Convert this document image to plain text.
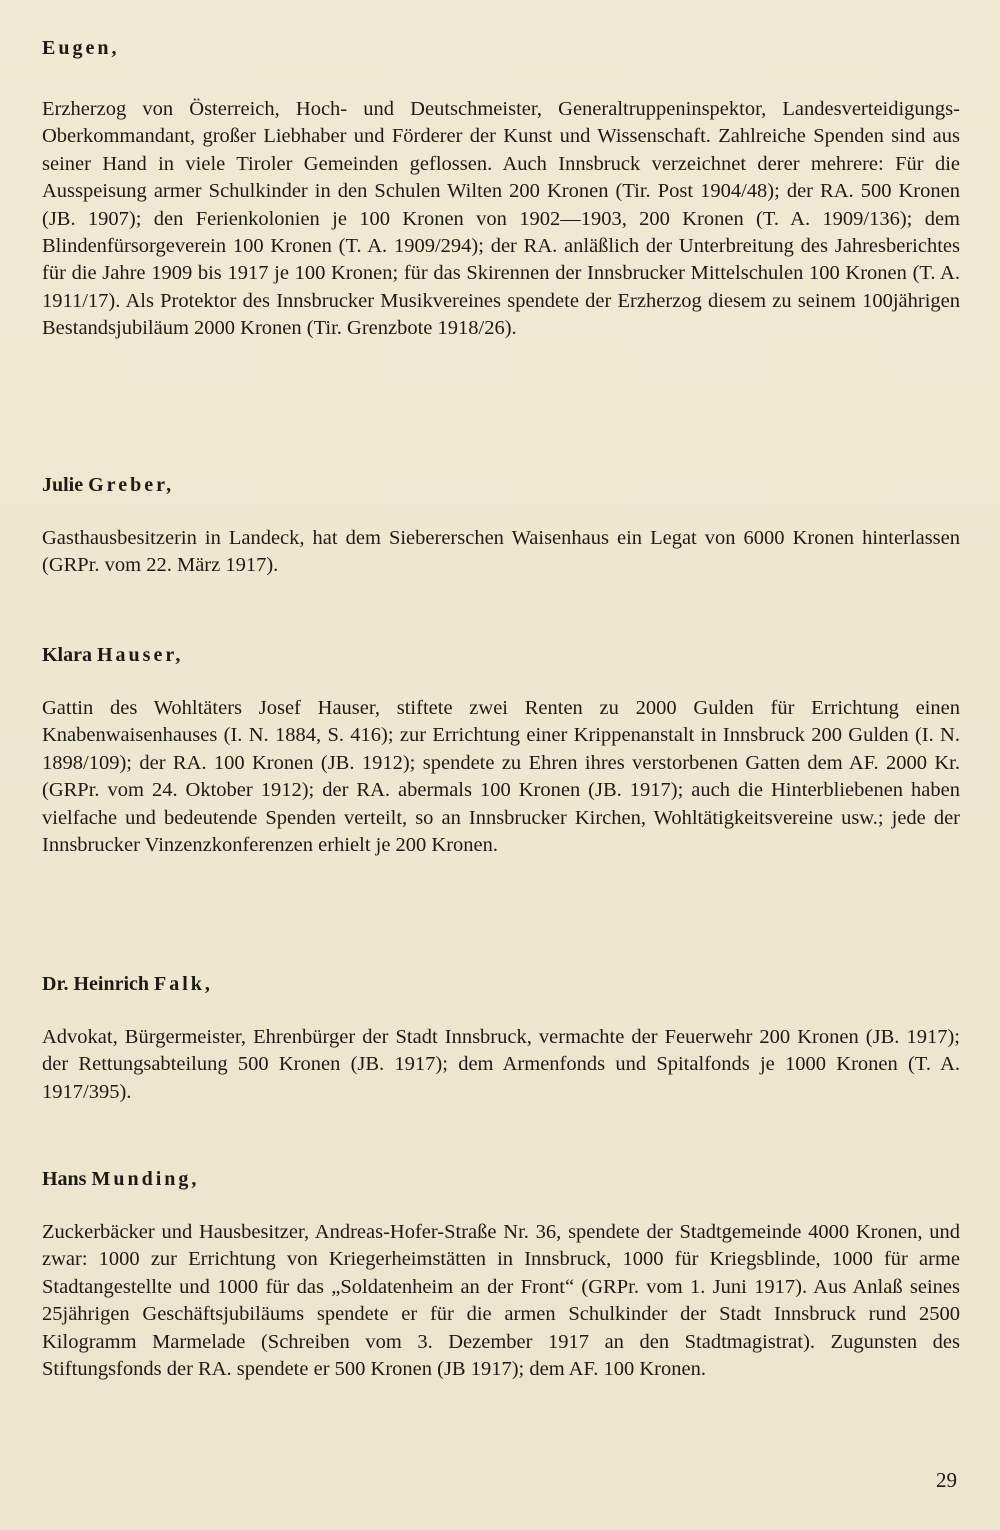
Eugen,

Erzherzog von Österreich, Hoch- und Deutschmeister, Generaltruppeninspektor, Landesverteidigungs-Oberkommandant, großer Liebhaber und Förderer der Kunst und Wissenschaft. Zahlreiche Spenden sind aus seiner Hand in viele Tiroler Gemeinden geflossen. Auch Innsbruck verzeichnet derer mehrere: Für die Ausspeisung armer Schulkinder in den Schulen Wilten 200 Kronen (Tir. Post 1904/48); der RA. 500 Kronen (JB. 1907); den Ferienkolonien je 100 Kronen von 1902—1903, 200 Kronen (T. A. 1909/136); dem Blindenfürsorgeverein 100 Kronen (T. A. 1909/294); der RA. anläßlich der Unterbreitung des Jahresberichtes für die Jahre 1909 bis 1917 je 100 Kronen; für das Skirennen der Innsbrucker Mittelschulen 100 Kronen (T. A. 1911/17). Als Protektor des Innsbrucker Musikvereines spendete der Erzherzog diesem zu seinem 100jährigen Bestandsjubiläum 2000 Kronen (Tir. Grenzbote 1918/26).

Julie Greber,

Gasthausbesitzerin in Landeck, hat dem Siebererschen Waisenhaus ein Legat von 6000 Kronen hinterlassen (GRPr. vom 22. März 1917).

Klara Hauser,

Gattin des Wohltäters Josef Hauser, stiftete zwei Renten zu 2000 Gulden für Errichtung einen Knabenwaisenhauses (I. N. 1884, S. 416); zur Errichtung einer Krippenanstalt in Innsbruck 200 Gulden (I. N. 1898/109); der RA. 100 Kronen (JB. 1912); spendete zu Ehren ihres verstorbenen Gatten dem AF. 2000 Kr. (GRPr. vom 24. Oktober 1912); der RA. abermals 100 Kronen (JB. 1917); auch die Hinterbliebenen haben vielfache und bedeutende Spenden verteilt, so an Innsbrucker Kirchen, Wohltätigkeitsvereine usw.; jede der Innsbrucker Vinzenzkonferenzen erhielt je 200 Kronen.

Dr. Heinrich Falk,

Advokat, Bürgermeister, Ehrenbürger der Stadt Innsbruck, vermachte der Feuerwehr 200 Kronen (JB. 1917); der Rettungsabteilung 500 Kronen (JB. 1917); dem Armenfonds und Spitalfonds je 1000 Kronen (T. A. 1917/395).

Hans Munding,

Zuckerbäcker und Hausbesitzer, Andreas-Hofer-Straße Nr. 36, spendete der Stadtgemeinde 4000 Kronen, und zwar: 1000 zur Errichtung von Kriegerheimstätten in Innsbruck, 1000 für Kriegsblinde, 1000 für arme Stadtangestellte und 1000 für das „Soldatenheim an der Front“ (GRPr. vom 1. Juni 1917). Aus Anlaß seines 25jährigen Geschäftsjubiläums spendete er für die armen Schulkinder der Stadt Innsbruck rund 2500 Kilogramm Marmelade (Schreiben vom 3. Dezember 1917 an den Stadtmagistrat). Zugunsten des Stiftungsfonds der RA. spendete er 500 Kronen (JB 1917); dem AF. 100 Kronen.

29
